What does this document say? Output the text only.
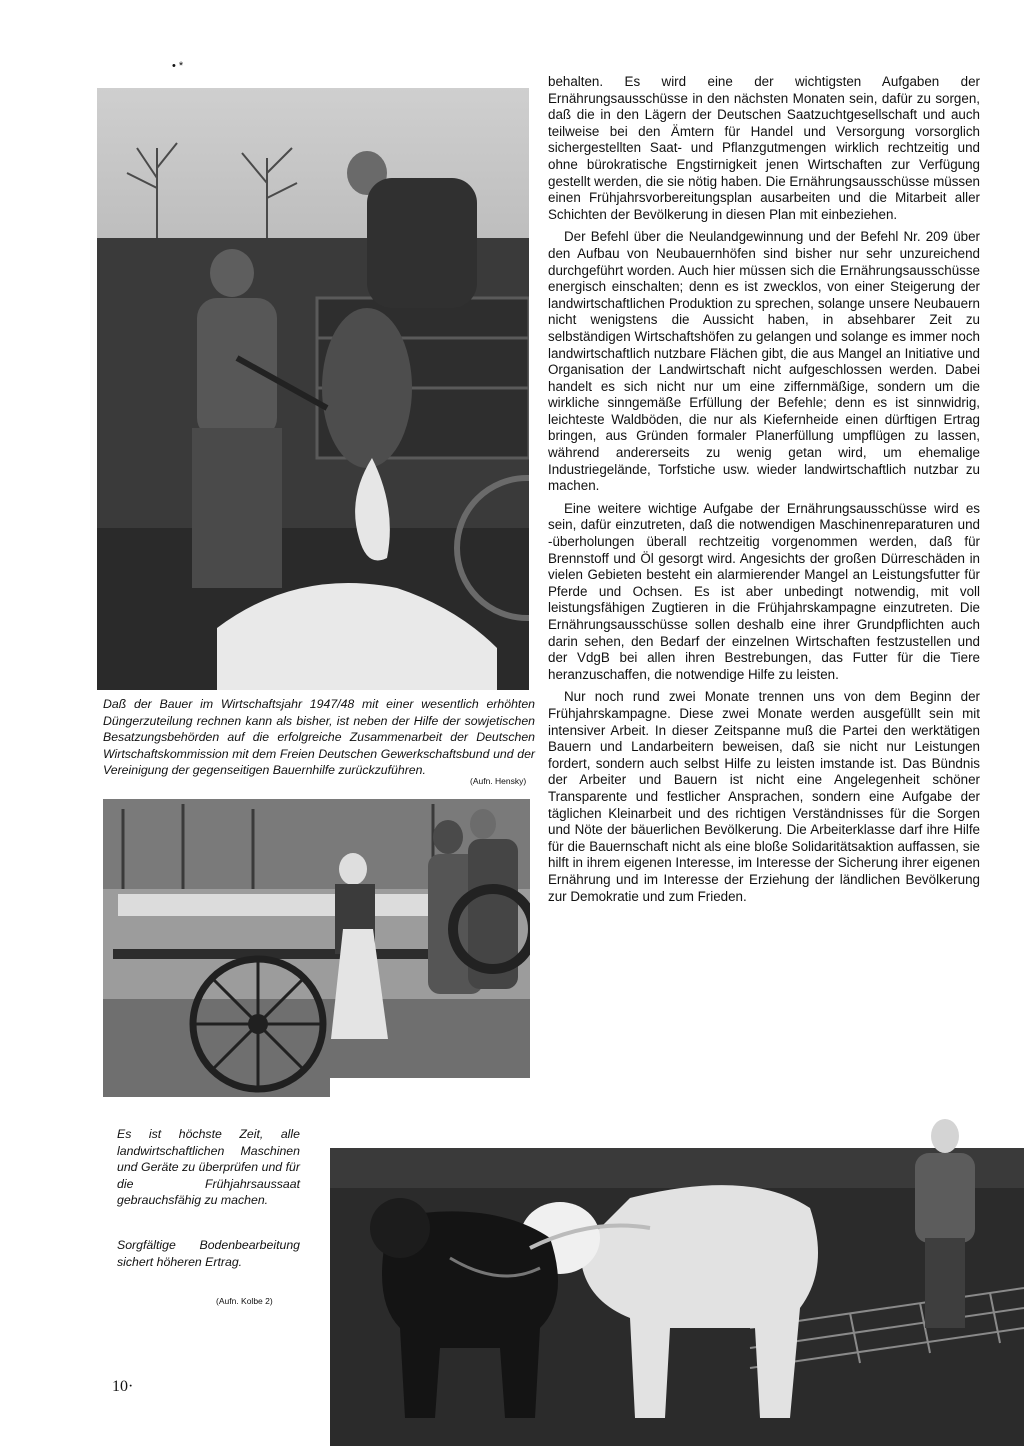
• *

Daß der Bauer im Wirtschaftsjahr 1947/48 mit einer wesentlich erhöhten Düngerzuteilung rechnen kann als bisher, ist neben der Hilfe der sowjetischen Besatzungsbehörden auf die erfolgreiche Zusammenarbeit der Deutschen Wirtschaftskommission mit dem Freien Deutschen Gewerkschaftsbund und der Vereinigung der gegenseitigen Bauernhilfe zurückzuführen.

(Aufn. Hensky)

Es ist höchste Zeit, alle landwirtschaftlichen Maschinen und Geräte zu überprüfen und für die Frühjahrsaussaat gebrauchsfähig zu machen.

Sorgfältige Bodenbearbeitung sichert höheren Ertrag.

(Aufn. Kolbe 2)

behalten. Es wird eine der wichtigsten Aufgaben der Ernährungsausschüsse in den nächsten Monaten sein, dafür zu sorgen, daß die in den Lägern der Deutschen Saatzuchtgesellschaft und auch teilweise bei den Ämtern für Handel und Versorgung vorsorglich sichergestellten Saat- und Pflanzgutmengen wirklich rechtzeitig und ohne bürokratische Engstirnigkeit jenen Wirtschaften zur Verfügung gestellt werden, die sie nötig haben. Die Ernährungsausschüsse müssen einen Frühjahrsvorbereitungsplan ausarbeiten und die Mitarbeit aller Schichten der Bevölkerung in diesen Plan mit einbeziehen.

Der Befehl über die Neulandgewinnung und der Befehl Nr. 209 über den Aufbau von Neubauernhöfen sind bisher nur sehr unzureichend durchgeführt worden. Auch hier müssen sich die Ernährungsausschüsse energisch einschalten; denn es ist zwecklos, von einer Steigerung der landwirtschaftlichen Produktion zu sprechen, solange unsere Neubauern nicht wenigstens die Aussicht haben, in absehbarer Zeit zu selbständigen Wirtschaftshöfen zu gelangen und solange es immer noch landwirtschaftlich nutzbare Flächen gibt, die aus Mangel an Initiative und Organisation der Landwirtschaft nicht aufgeschlossen werden. Dabei handelt es sich nicht nur um eine ziffernmäßige, sondern um die wirkliche sinngemäße Erfüllung der Befehle; denn es ist sinnwidrig, leichteste Waldböden, die nur als Kiefernheide einen dürftigen Ertrag bringen, aus Gründen formaler Planerfüllung umpflügen zu lassen, während andererseits zu wenig getan wird, um ehemalige Industriegelände, Torfstiche usw. wieder landwirtschaftlich nutzbar zu machen.

Eine weitere wichtige Aufgabe der Ernährungsausschüsse wird es sein, dafür einzutreten, daß die notwendigen Maschinenreparaturen und -überholungen überall rechtzeitig vorgenommen werden, daß für Brennstoff und Öl gesorgt wird. Angesichts der großen Dürreschäden in vielen Gebieten besteht ein alarmierender Mangel an Leistungsfutter für Pferde und Ochsen. Es ist aber unbedingt notwendig, mit voll leistungsfähigen Zugtieren in die Frühjahrskampagne einzutreten. Die Ernährungsausschüsse sollen deshalb eine ihrer Grundpflichten auch darin sehen, den Bedarf der einzelnen Wirtschaften festzustellen und der VdgB bei allen ihren Bestrebungen, das Futter für die Tiere heranzuschaffen, die notwendige Hilfe zu leisten.

Nur noch rund zwei Monate trennen uns von dem Beginn der Frühjahrskampagne. Diese zwei Monate werden ausgefüllt sein mit intensiver Arbeit. In dieser Zeitspanne muß die Partei den werktätigen Bauern und Landarbeitern beweisen, daß sie nicht nur Leistungen fordert, sondern auch selbst Hilfe zu leisten imstande ist. Das Bündnis der Arbeiter und Bauern ist nicht eine Angelegenheit schöner Transparente und festlicher Ansprachen, sondern eine Aufgabe der täglichen Kleinarbeit und des richtigen Verständnisses für die Sorgen und Nöte der bäuerlichen Bevölkerung. Die Arbeiterklasse darf ihre Hilfe für die Bauernschaft nicht als eine bloße Solidaritätsaktion auffassen, sie hilft in ihrem eigenen Interesse, im Interesse der Sicherung ihrer eigenen Ernährung und im Interesse der Erziehung der ländlichen Bevölkerung zur Demokratie und zum Frieden.

10·
